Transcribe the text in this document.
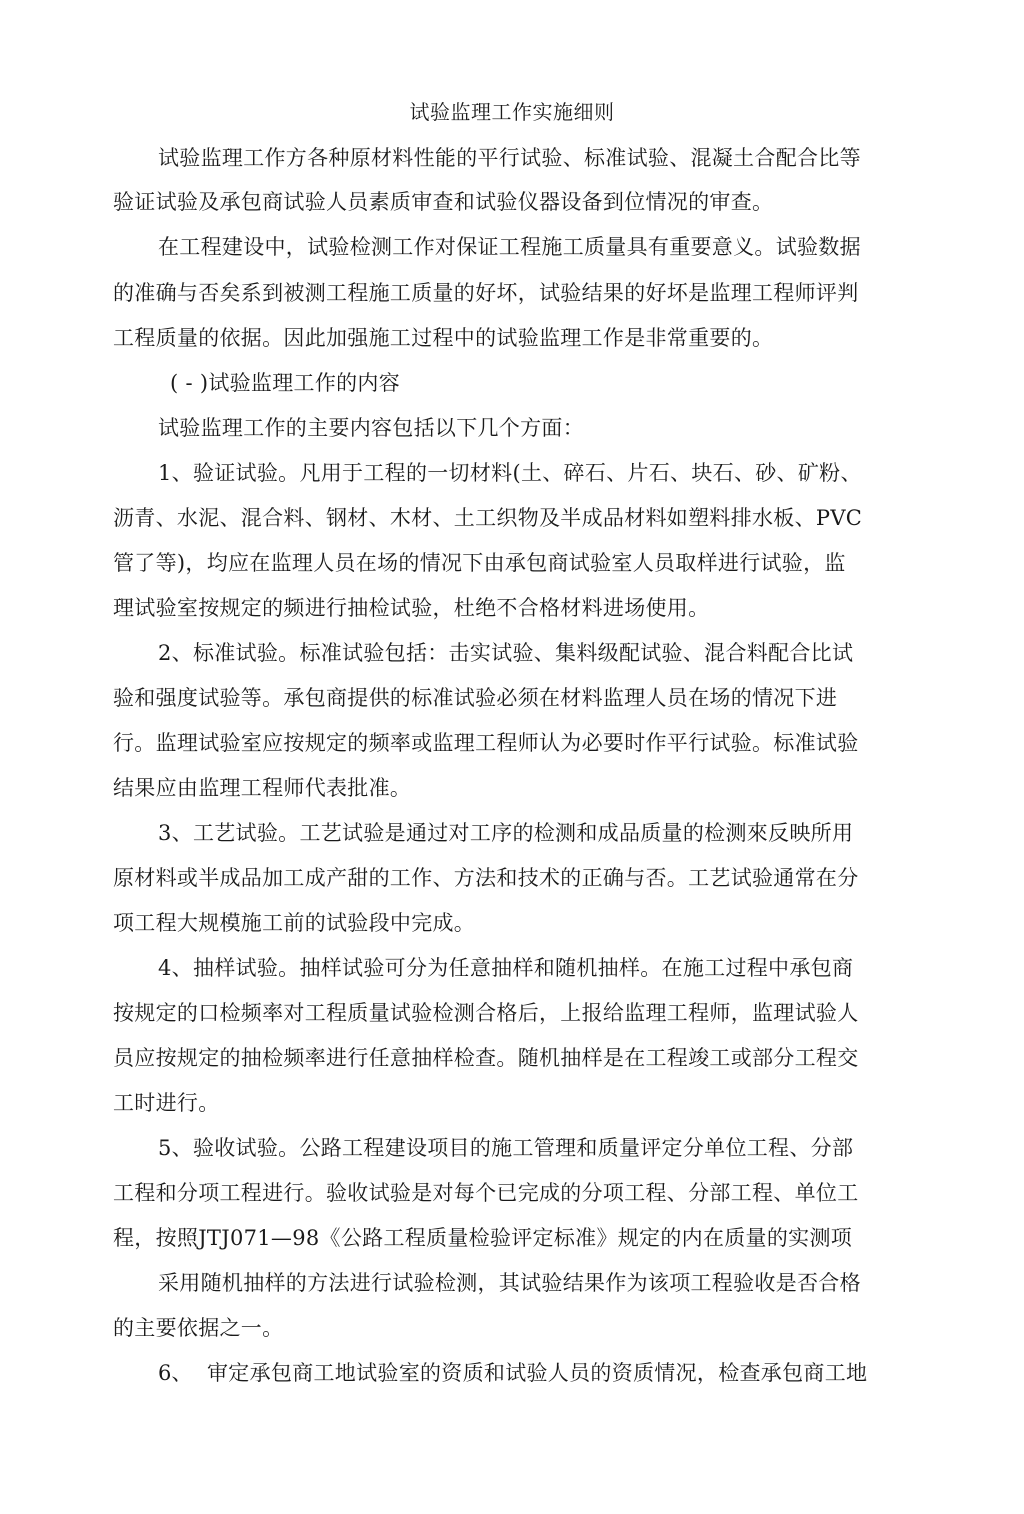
试验监理工作实施细则
试验监理工作方各种原材料性能的平行试验、标准试验、混凝土合配合比等
验证试验及承包商试验人员素质审查和试验仪器设备到位情况的审查。
在工程建设中，试验检测工作对保证工程施工质量具有重要意义。试验数据
的准确与否矣系到被测工程施工质量的好坏，试验结果的好坏是监理工程师评判
工程质量的依据。因此加强施工过程中的试验监理工作是非常重要的。
( - )试验监理工作的内容
试验监理工作的主要内容包括以下几个方面：
1、验证试验。凡用于工程的一切材料(土、碎石、片石、块石、砂、矿粉、
沥青、水泥、混合料、钢材、木材、土工织物及半成品材料如塑料排水板、PVC
管了等)，均应在监理人员在场的情况下由承包商试验室人员取样进行试验，监
理试验室按规定的频进行抽检试验，杜绝不合格材料进场使用。
2、标准试验。标准试验包括：击实试验、集料级配试验、混合料配合比试
验和强度试验等。承包商提供的标准试验必须在材料监理人员在场的情况下进
行。监理试验室应按规定的频率或监理工程师认为必要时作平行试验。标准试验
结果应由监理工程师代表批准。
3、工艺试验。工艺试验是通过对工序的检测和成品质量的检测來反映所用
原材料或半成品加工成产甜的工作、方法和技术的正确与否。工艺试验通常在分
项工程大规模施工前的试验段中完成。
4、抽样试验。抽样试验可分为任意抽样和随机抽样。在施工过程中承包商
按规定的口检频率对工程质量试验检测合格后，上报给监理工程师，监理试验人
员应按规定的抽检频率进行任意抽样检查。随机抽样是在工程竣工或部分工程交
工时进行。
5、验收试验。公路工程建设项目的施工管理和质量评定分单位工程、分部
工程和分项工程进行。验收试验是对每个已完成的分项工程、分部工程、单位工
程，按照JTJ071—98《公路工程质量检验评定标准》规定的内在质量的实测项
采用随机抽样的方法进行试验检测，其试验结果作为该项工程验收是否合格
的主要依据之一。
6、 审定承包商工地试验室的资质和试验人员的资质情况，检查承包商工地
